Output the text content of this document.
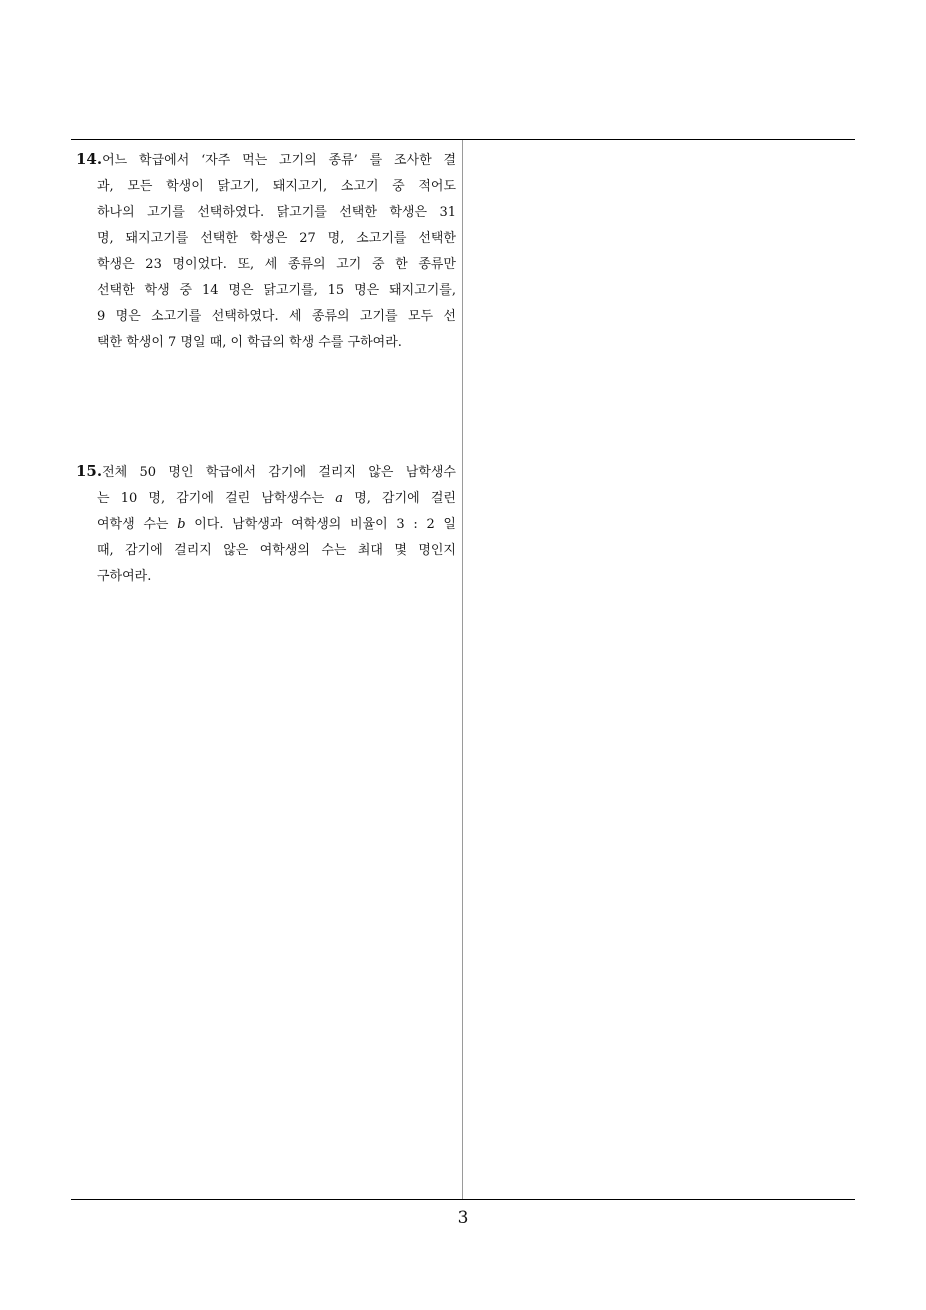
14.어느 학급에서 ‘자주 먹는 고기의 종류’ 를 조사한 결
과, 모든 학생이 닭고기, 돼지고기, 소고기 중 적어도
하나의 고기를 선택하였다. 닭고기를 선택한 학생은 31
명, 돼지고기를 선택한 학생은 27 명, 소고기를 선택한
학생은 23 명이었다. 또, 세 종류의 고기 중 한 종류만
선택한 학생 중 14 명은 닭고기를, 15 명은 돼지고기를,
9 명은 소고기를 선택하였다. 세 종류의 고기를 모두 선
택한 학생이 7 명일 때, 이 학급의 학생 수를 구하여라.
15.전체 50 명인 학급에서 감기에 걸리지 않은 남학생수
는 10 명, 감기에 걸린 남학생수는 a 명, 감기에 걸린
여학생 수는 b 이다. 남학생과 여학생의 비율이 3 : 2 일
때, 감기에 걸리지 않은 여학생의 수는 최대 몇 명인지
구하여라.
3
